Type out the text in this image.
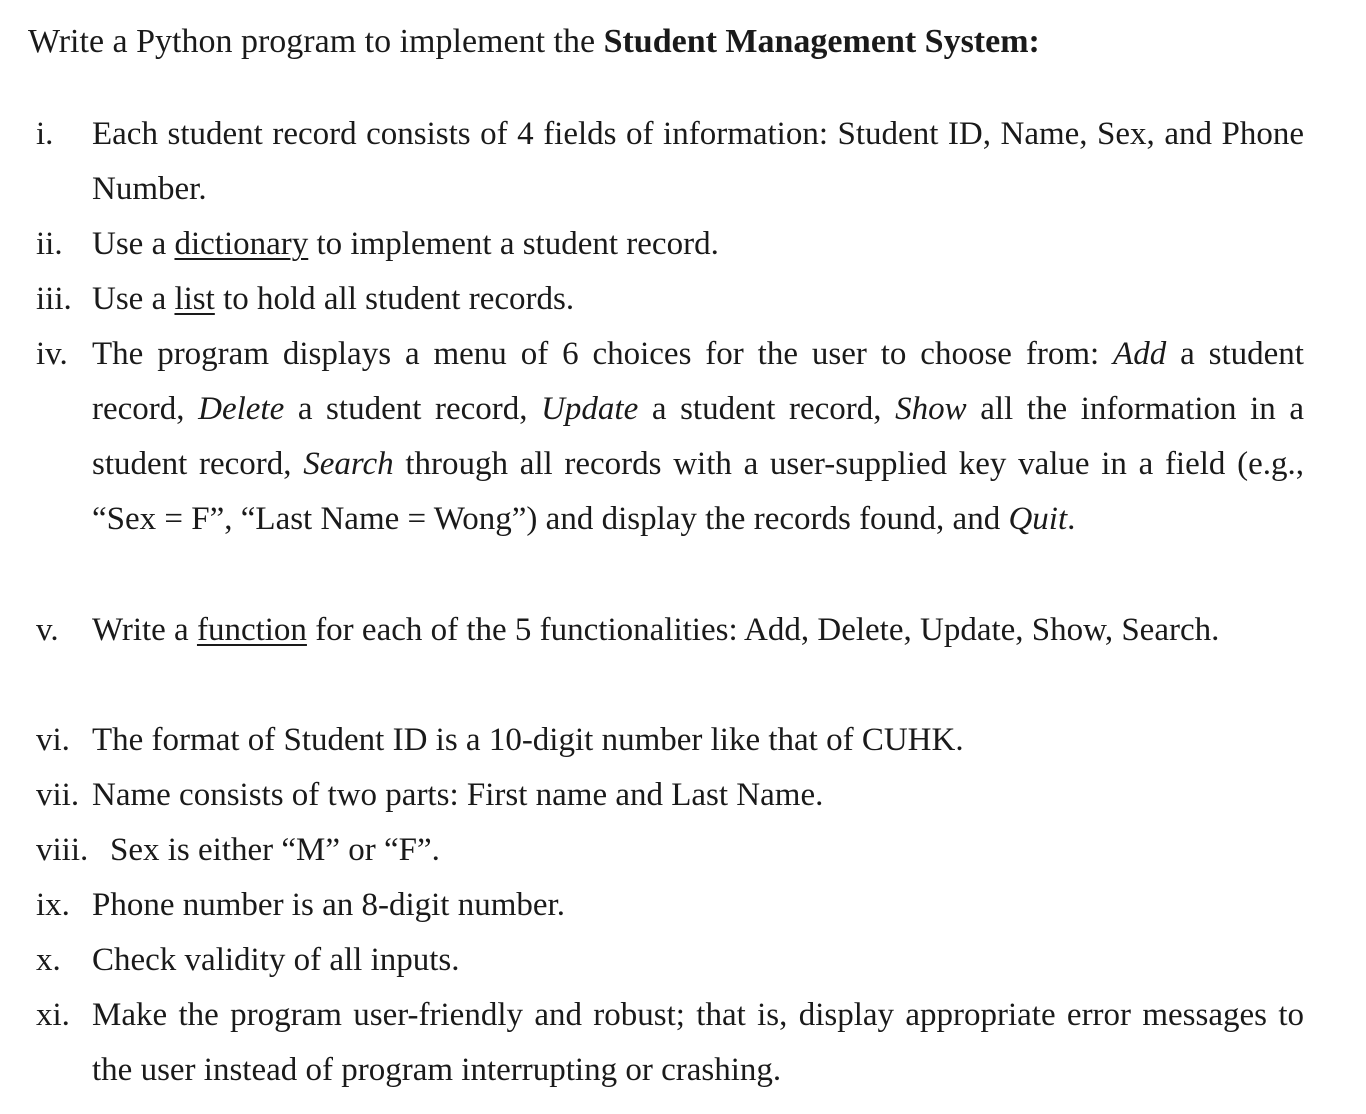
Write a Python program to implement the Student Management System:
i. Each student record consists of 4 fields of information: Student ID, Name, Sex, and Phone Number.
ii. Use a dictionary to implement a student record.
iii. Use a list to hold all student records.
iv. The program displays a menu of 6 choices for the user to choose from: Add a student record, Delete a student record, Update a student record, Show all the information in a student record, Search through all records with a user-supplied key value in a field (e.g., “Sex = F”, “Last Name = Wong”) and display the records found, and Quit.
v. Write a function for each of the 5 functionalities: Add, Delete, Update, Show, Search.
vi. The format of Student ID is a 10-digit number like that of CUHK.
vii. Name consists of two parts: First name and Last Name.
viii. Sex is either “M” or “F”.
ix. Phone number is an 8-digit number.
x. Check validity of all inputs.
xi. Make the program user-friendly and robust; that is, display appropriate error messages to the user instead of program interrupting or crashing.
